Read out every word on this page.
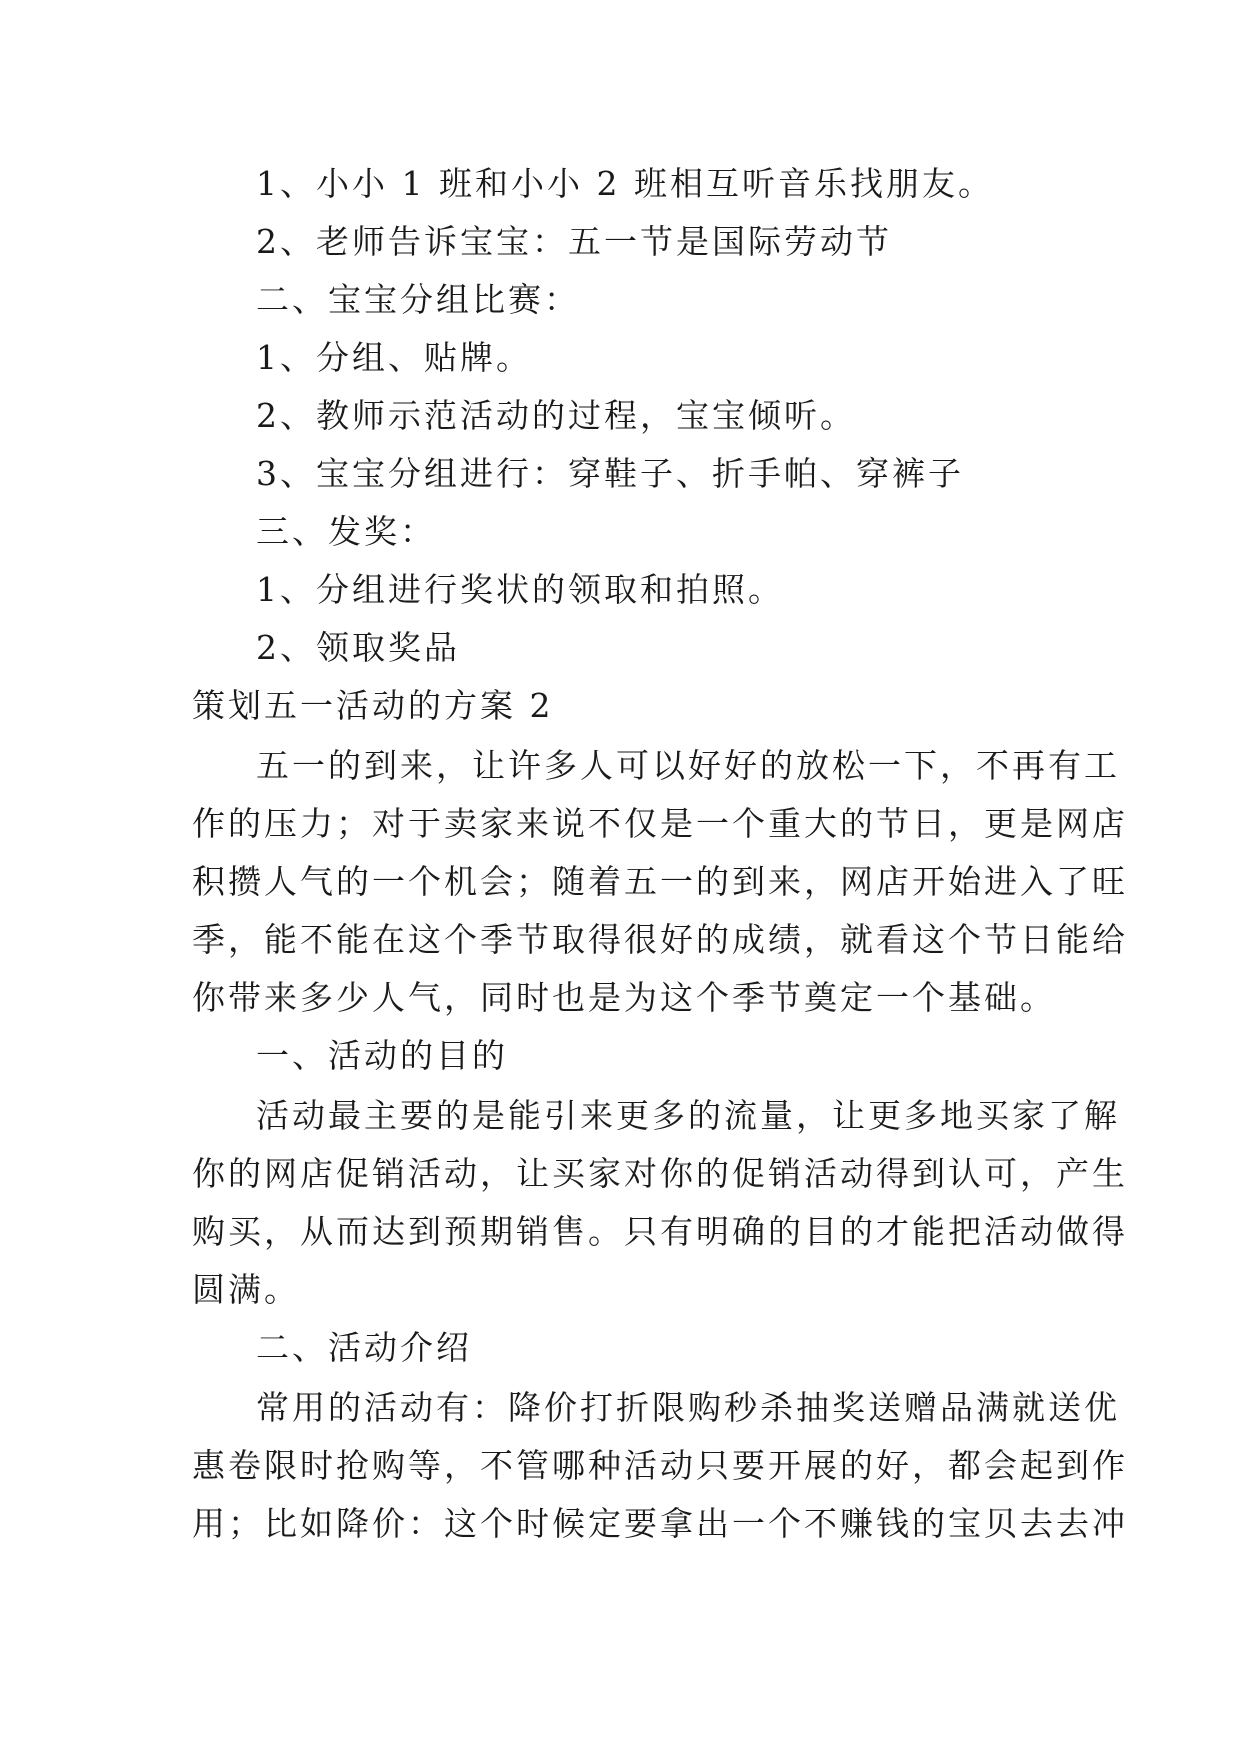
1、小小 1 班和小小 2 班相互听音乐找朋友。
2、老师告诉宝宝：五一节是国际劳动节
二、宝宝分组比赛：
1、分组、贴牌。
2、教师示范活动的过程，宝宝倾听。
3、宝宝分组进行：穿鞋子、折手帕、穿裤子
三、发奖：
1、分组进行奖状的领取和拍照。
2、领取奖品
策划五一活动的方案 2
五一的到来，让许多人可以好好的放松一下，不再有工
作的压力；对于卖家来说不仅是一个重大的节日，更是网店
积攒人气的一个机会；随着五一的到来，网店开始进入了旺
季，能不能在这个季节取得很好的成绩，就看这个节日能给
你带来多少人气，同时也是为这个季节奠定一个基础。
一、活动的目的
活动最主要的是能引来更多的流量，让更多地买家了解
你的网店促销活动，让买家对你的促销活动得到认可，产生
购买，从而达到预期销售。只有明确的目的才能把活动做得
圆满。
二、活动介绍
常用的活动有：降价打折限购秒杀抽奖送赠品满就送优
惠卷限时抢购等，不管哪种活动只要开展的好，都会起到作
用；比如降价：这个时候定要拿出一个不赚钱的宝贝去去冲
